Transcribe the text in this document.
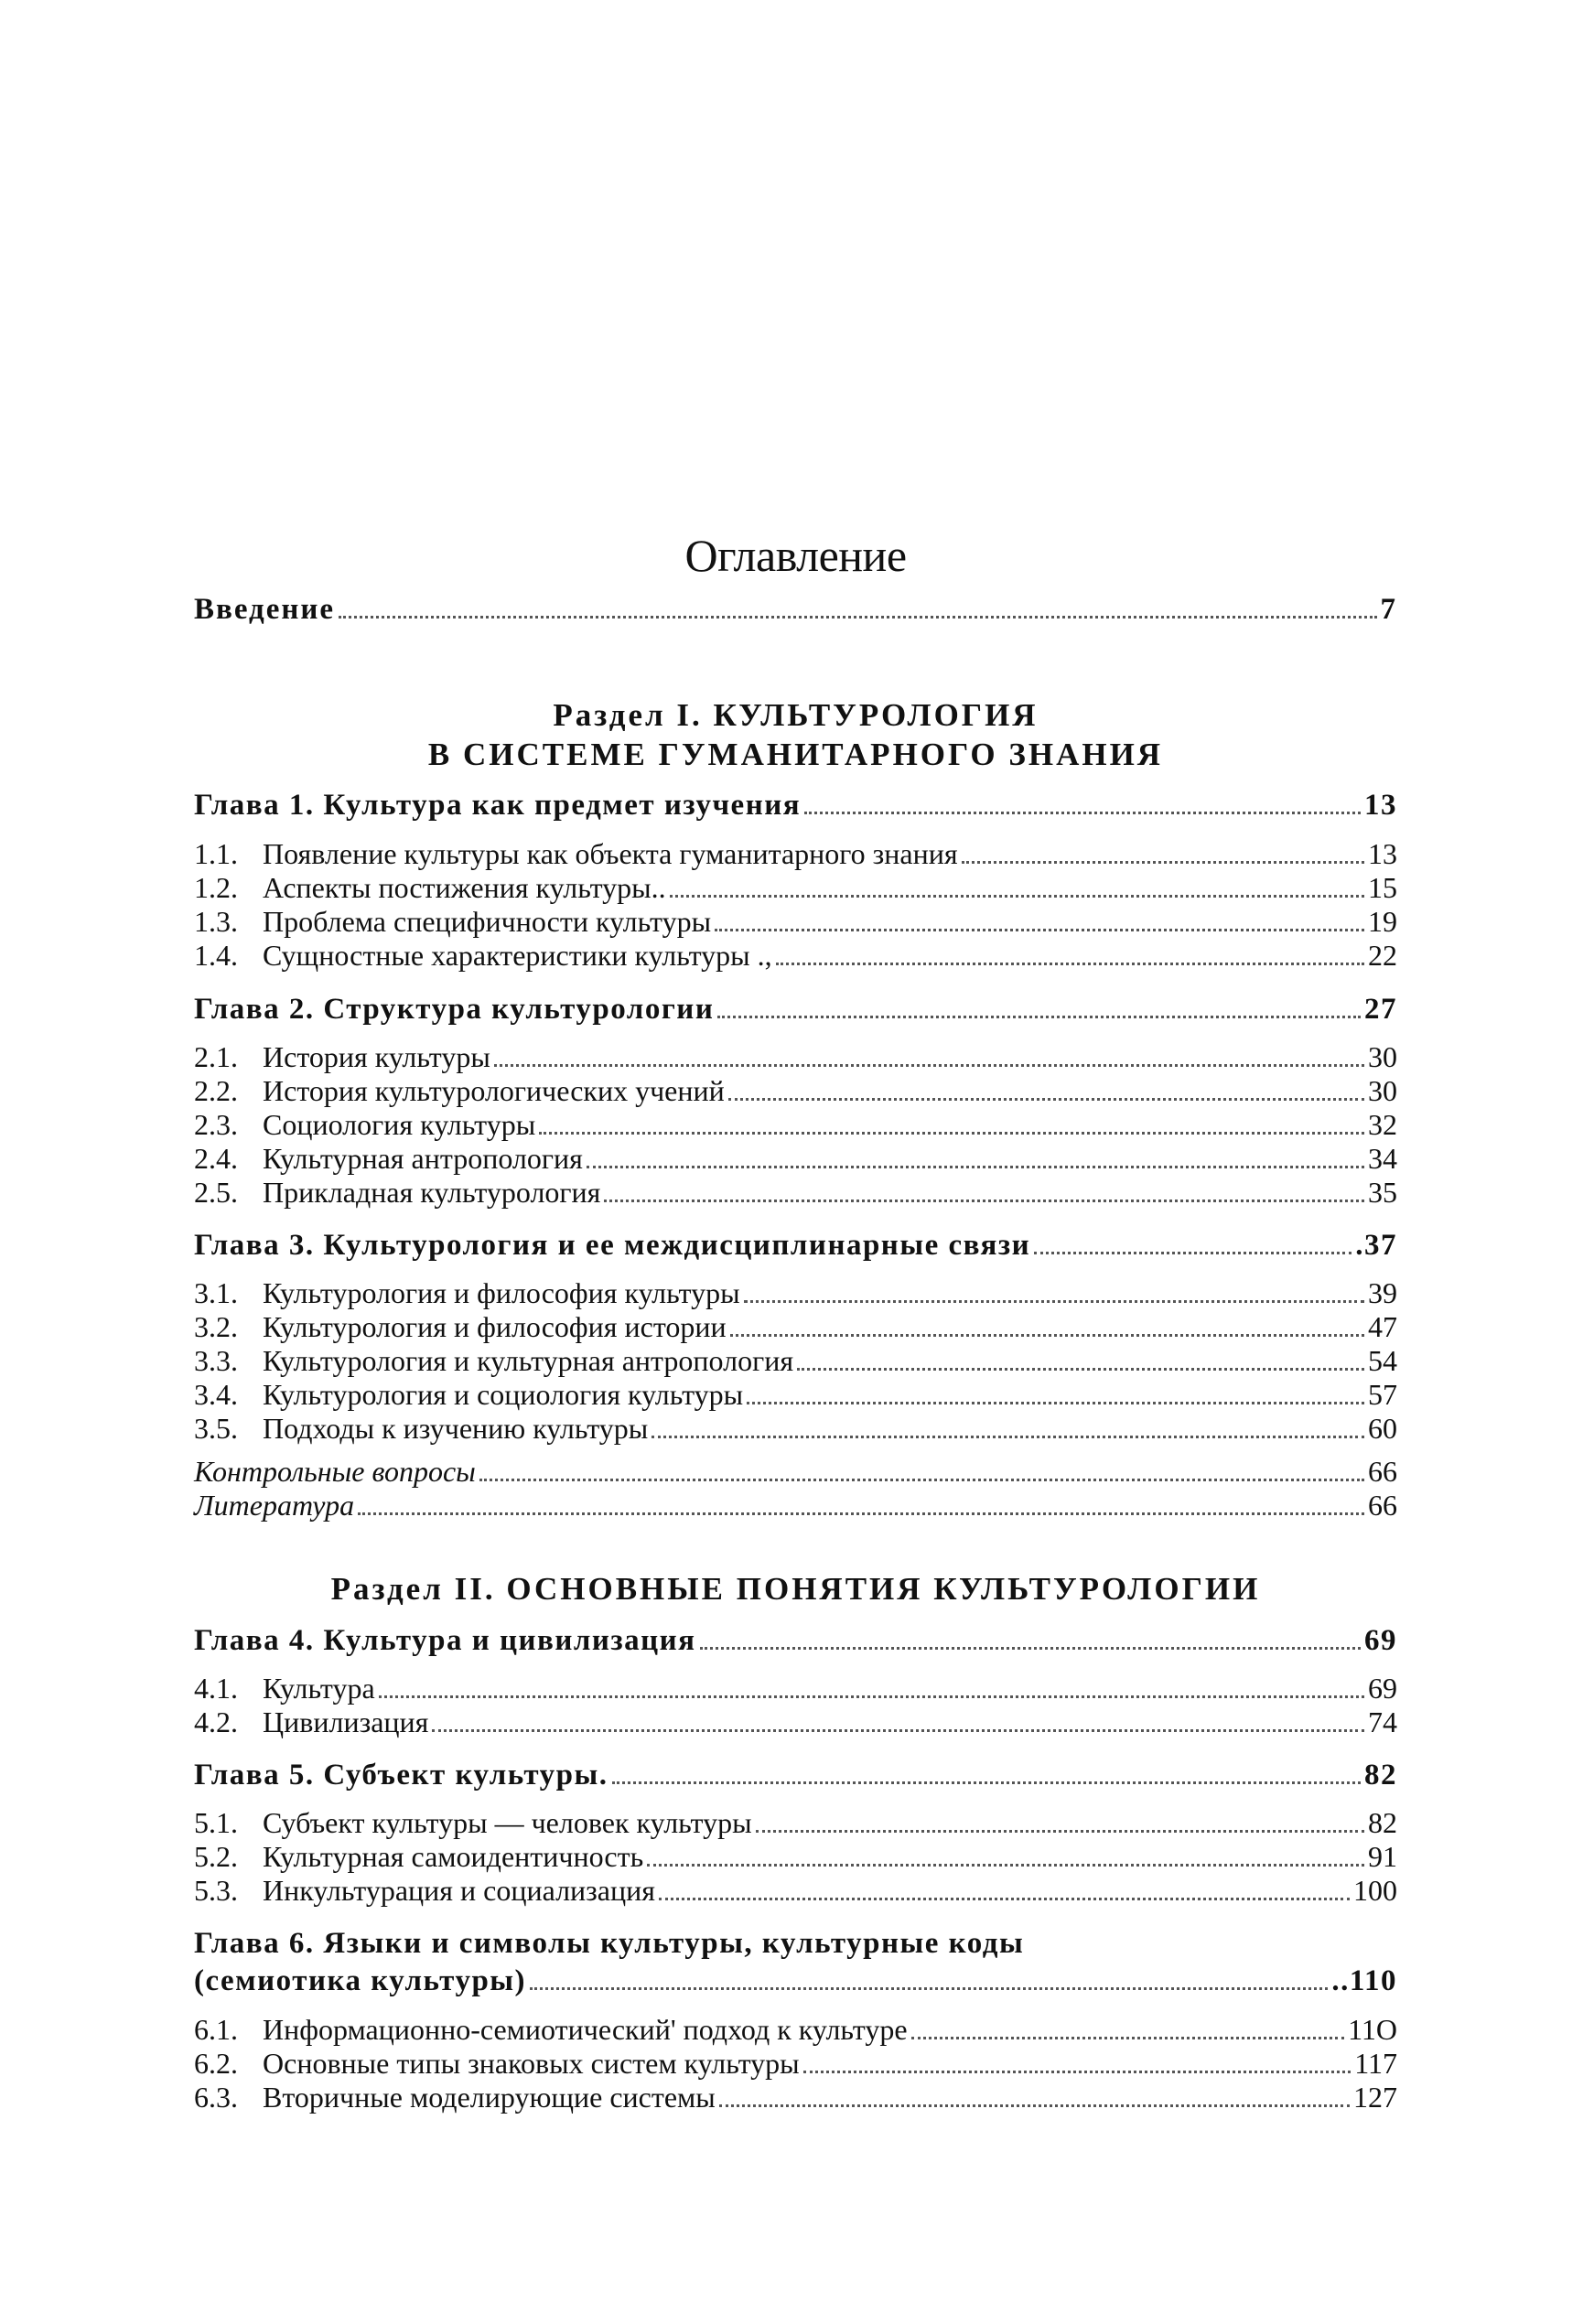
Оглавление
Введение	7
Раздел I. КУЛЬТУРОЛОГИЯ
В СИСТЕМЕ ГУМАНИТАРНОГО ЗНАНИЯ
Глава 1. Культура как предмет изучения	13
1.1. Появление культуры как объекта гуманитарного знания	13
1.2. Аспекты постижения культуры..	15
1.3. Проблема специфичности культуры	19
1.4. Сущностные характеристики культуры .,	22
Глава 2. Структура культурологии	27
2.1. История культуры	30
2.2. История культурологических учений	30
2.3. Социология культуры	32
2.4. Культурная антропология	34
2.5. Прикладная культурология	35
Глава 3. Культурология и ее междисциплинарные связи	.37
3.1. Культурология и философия культуры	39
3.2. Культурология и философия истории	47
3.3. Культурология и культурная антропология	54
3.4. Культурология и социология культуры	57
3.5. Подходы к изучению культуры	60
Контрольные вопросы	66
Литература	66
Раздел II. ОСНОВНЫЕ ПОНЯТИЯ КУЛЬТУРОЛОГИИ
Глава 4. Культура и цивилизация	69
4.1. Культура	69
4.2. Цивилизация	74
Глава 5. Субъект культуры.	82
5.1. Субъект культуры — человек культуры	82
5.2. Культурная самоидентичность	91
5.3. Инкультурация и социализация	100
Глава 6. Языки и символы культуры, культурные коды
(семиотика культуры)	..110
6.1. Информационно-семиотический' подход к культуре	11O
6.2. Основные типы знаковых систем культуры	117
6.3. Вторичные моделирующие системы	127
